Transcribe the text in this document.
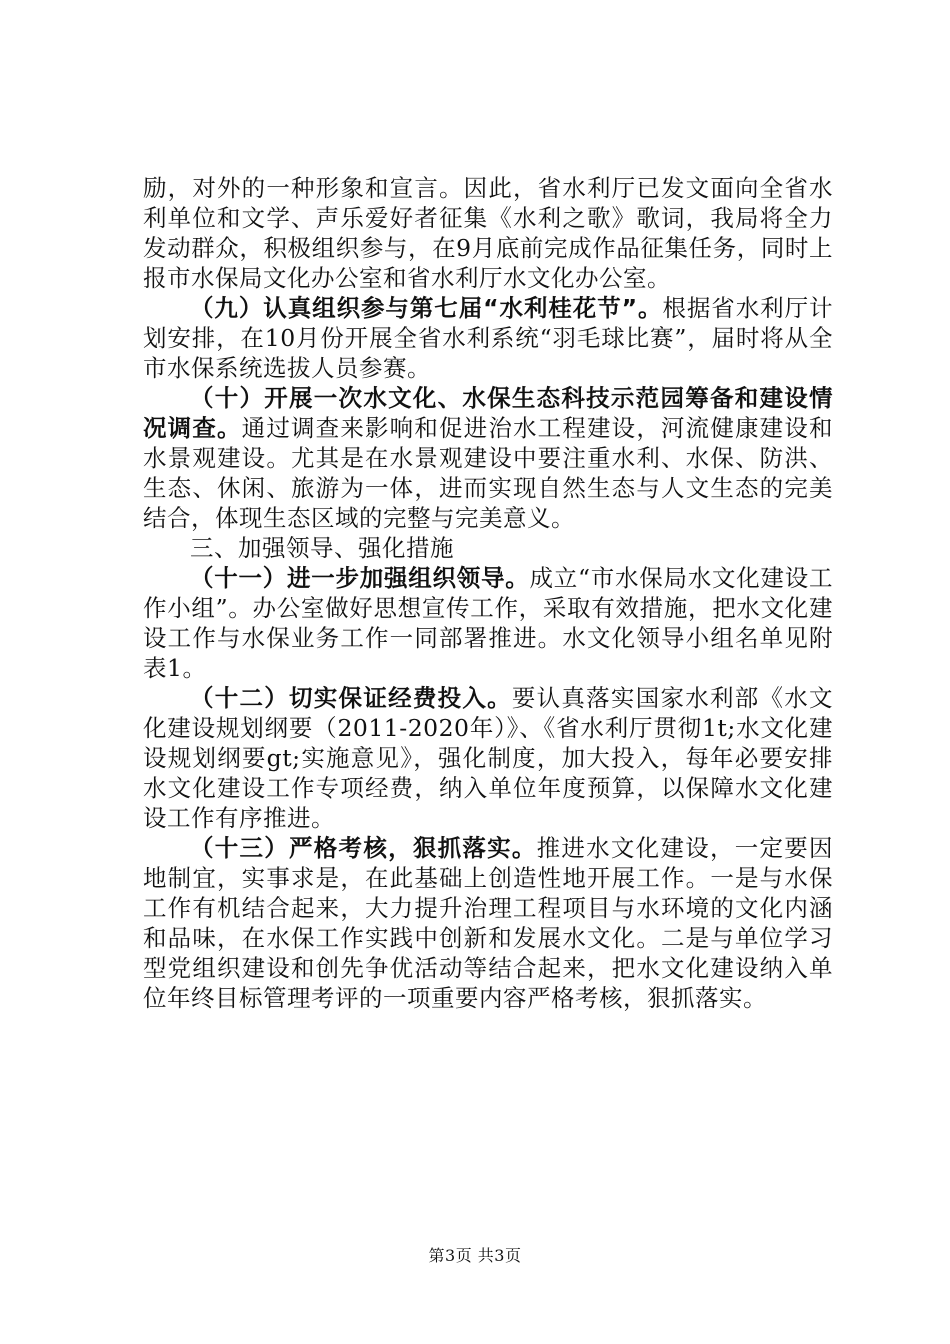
励，对外的一种形象和宣言。因此，省水利厅已发文面向全省水利单位和文学、声乐爱好者征集《水利之歌》歌词，我局将全力发动群众，积极组织参与，在9月底前完成作品征集任务，同时上报市水保局文化办公室和省水利厅水文化办公室。

（九）认真组织参与第七届“水利桂花节”。根据省水利厅计划安排，在10月份开展全省水利系统“羽毛球比赛”，届时将从全市水保系统选拔人员参赛。

（十）开展一次水文化、水保生态科技示范园筹备和建设情况调查。通过调查来影响和促进治水工程建设，河流健康建设和水景观建设。尤其是在水景观建设中要注重水利、水保、防洪、生态、休闲、旅游为一体，进而实现自然生态与人文生态的完美结合，体现生态区域的完整与完美意义。

三、加强领导、强化措施

（十一）进一步加强组织领导。成立“市水保局水文化建设工作小组”。办公室做好思想宣传工作，采取有效措施，把水文化建设工作与水保业务工作一同部署推进。水文化领导小组名单见附表1。

（十二）切实保证经费投入。要认真落实国家水利部《水文化建设规划纲要（2011-2020年）》、《省水利厅贯彻1t;水文化建设规划纲要gt;实施意见》，强化制度，加大投入，每年必要安排水文化建设工作专项经费，纳入单位年度预算，以保障水文化建设工作有序推进。

（十三）严格考核，狠抓落实。推进水文化建设，一定要因地制宜，实事求是，在此基础上创造性地开展工作。一是与水保工作有机结合起来，大力提升治理工程项目与水环境的文化内涵和品味，在水保工作实践中创新和发展水文化。二是与单位学习型党组织建设和创先争优活动等结合起来，把水文化建设纳入单位年终目标管理考评的一项重要内容严格考核，狠抓落实。

第3页 共3页
